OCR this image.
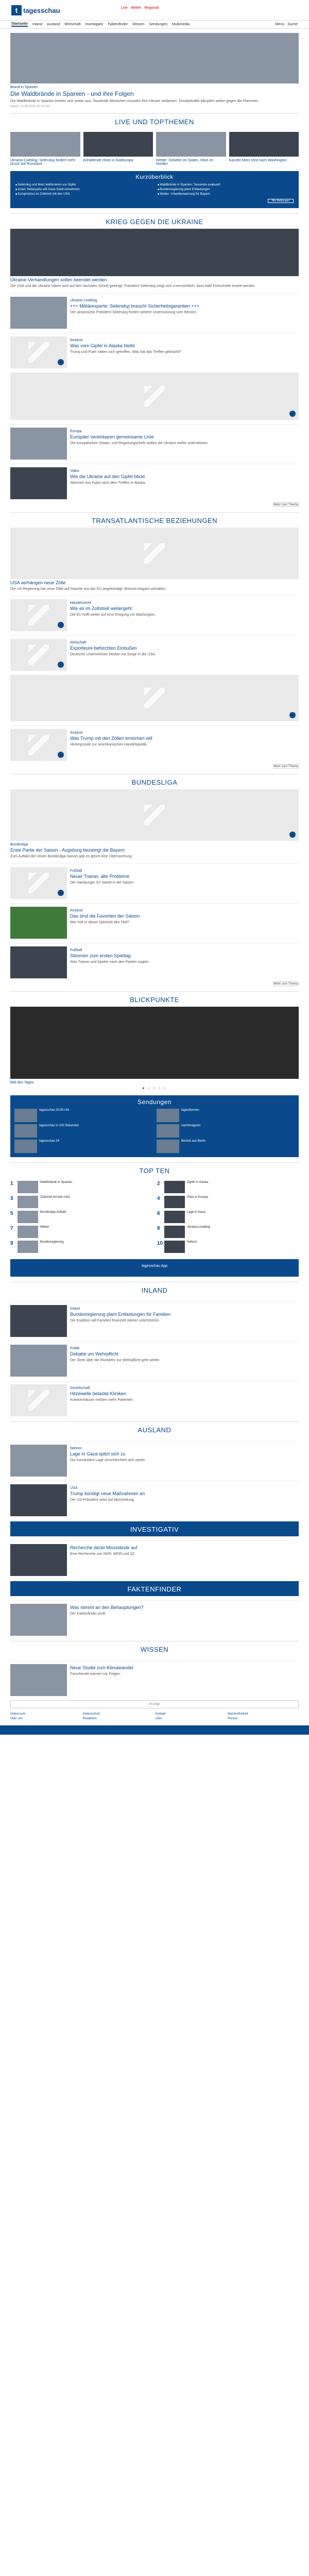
t tagesschau	Live Wetter Regional
Startseite Inland Ausland Wirtschaft Investigativ Faktenfinder Wissen Sendungen Multimedia	Menü Suche
Brand in Spanien
Die Waldbrände in Spanien - und ihre Folgen
Die Waldbrände in Spanien breiten sich weiter aus. Tausende Menschen mussten ihre Häuser verlassen. Einsatzkräfte kämpfen weiter gegen die Flammen.
Stand: 12.08.2025 10:13 Uhr
LIVE UND TOPTHEMEN
Ukraine-Liveblog: Selenskyj fordert mehr Druck auf Russland
Anhaltende Hitze in Südeuropa	Wetter: Gewitter im Süden, Hitze im Norden
Kanzler Merz reist nach Washington
Kurzüberblick
■ Selenskyj und Merz telefonieren vor Gipfel	■ Waldbrände in Spanien: Tausende evakuiert
■ Israel: Netanyahu will Gaza-Stadt einnehmen	■ Bundesregierung plant Entlastungen
■ Kompromiss im Zollstreit mit den USA	■ Wetter: Unwetterwarnung für Bayern
Alle Meldungen
KRIEG GEGEN DIE UKRAINE
Ukraine-Verhandlungen sollen beendet werden
Die USA und die Ukraine haben sich auf den nächsten Schritt geeinigt. Präsident Selenskyj zeigt sich zuversichtlich, dass bald Fortschritte erzielt werden.
Ukraine-Liveblog
+++ Militärexperte: Selenskyj braucht Sicherheitsgarantien +++
Der ukrainische Präsident Selenskyj fordert weitere Unterstützung vom Westen.
Analyse
Was vom Gipfel in Alaska bleibt
Trump und Putin haben sich getroffen. Was hat das Treffen gebracht?
Europa
Europäer vereinbaren gemeinsame Linie
Die europäischen Staats- und Regierungschefs wollen die Ukraine weiter unterstützen.
Video
Wie die Ukraine auf den Gipfel blickt
Stimmen aus Kyjiw nach dem Treffen in Alaska.
Mehr zum Thema
TRANSATLANTISCHE BEZIEHUNGEN
USA verhängen neue Zölle
Die US-Regierung hat neue Zölle auf Importe aus der EU angekündigt. Brüssel reagiert verhalten.
Handelsstreit
Wie es im Zollstreit weitergeht
Die EU hofft weiter auf eine Einigung mit Washington.
Wirtschaft
Exporteure befürchten Einbußen
Deutsche Unternehmen blicken mit Sorge in die USA.
Analyse
Was Trump mit den Zöllen erreichen will
Hintergründe zur amerikanischen Handelspolitik.
Mehr zum Thema
BUNDESLIGA
Bundesliga
Erste Partie der Saison - Augsburg bezwingt die Bayern
Zum Auftakt der neuen Bundesliga-Saison gab es gleich eine Überraschung.
Fußball
Neuer Trainer, alte Probleme
Der Hamburger SV startet in die Saison.
Analyse
Das sind die Favoriten der Saison
Wer holt in dieser Spielzeit den Titel?
Fußball
Stimmen zum ersten Spieltag
Was Trainer und Spieler nach den Partien sagten.
Mehr zum Thema
BLICKPUNKTE
Bild des Tages
● ○ ○ ○ ○
Sendungen
tagesschau 20:00 Uhr	tagesthemen
tagesschau in 100 Sekunden	nachtmagazin
tagesschau 24	Bericht aus Berlin
TOP TEN
1	Waldbrände in Spanien	2	Gipfel in Alaska
3	Zollstreit mit den USA	4	Hitze in Europa
5	Bundesliga-Auftakt	6	Lage in Gaza
7	Wetter	8	Ukraine-Liveblog
9	Bundesregierung	10	Nahost
tagesschau App
INLAND
Inland
Bundesregierung plant Entlastungen für Familien
Die Koalition will Familien finanziell stärker unterstützen.
Politik
Debatte um Wehrpflicht
Der Streit über die Rückkehr zur Wehrpflicht geht weiter.
Gesellschaft
Hitzewelle belastet Kliniken
Krankenhäuser melden mehr Patienten.
AUSLAND
Nahost
Lage in Gaza spitzt sich zu
Die humanitäre Lage verschlechtert sich weiter.
USA
Trump kündigt neue Maßnahmen an
Der US-Präsident setzt auf Abschottung.
INVESTIGATIV
Recherche deckt Missstände auf
Eine Recherche von NDR, WDR und SZ.
FAKTENFINDER
Was stimmt an den Behauptungen?
Der Faktenfinder prüft.
WISSEN
Neue Studie zum Klimawandel
Forschende warnen vor Folgen.
Anzeige
Impressum	Datenschutz	Kontakt	Barrierefreiheit
Über uns	Redaktion	Jobs	Presse
